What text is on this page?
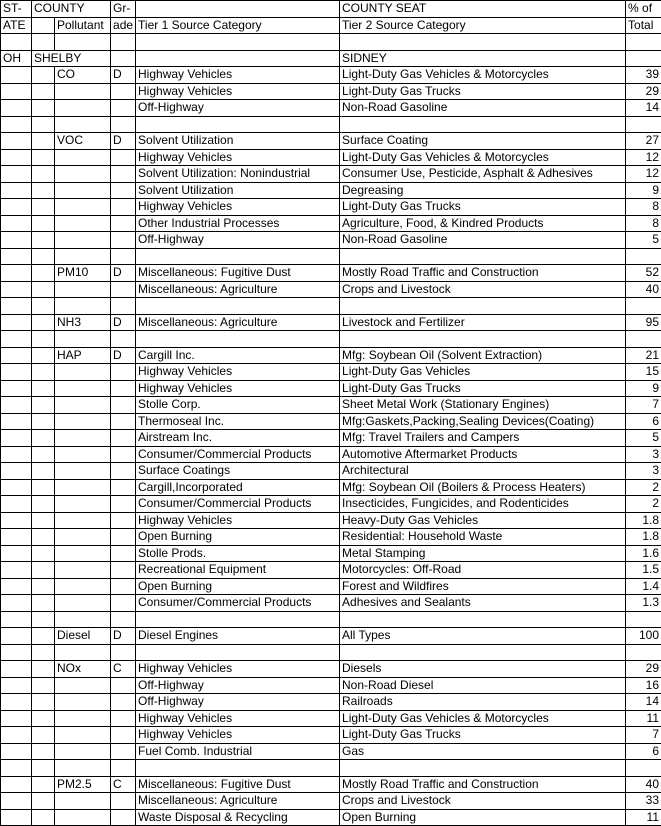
ST-	COUNTY		Gr-		COUNTY SEAT	% of
ATE		Pollutant	ade	Tier 1 Source Category	Tier 2 Source Category	Total

OH	SHELBY				SIDNEY	
		CO	D	Highway Vehicles	Light-Duty Gas Vehicles & Motorcycles	39
				Highway Vehicles	Light-Duty Gas Trucks	29
				Off-Highway	Non-Road Gasoline	14

		VOC	D	Solvent Utilization	Surface Coating	27
				Highway Vehicles	Light-Duty Gas Vehicles & Motorcycles	12
				Solvent Utilization: Nonindustrial	Consumer Use, Pesticide, Asphalt & Adhesives	12
				Solvent Utilization	Degreasing	9
				Highway Vehicles	Light-Duty Gas Trucks	8
				Other Industrial Processes	Agriculture, Food, & Kindred Products	8
				Off-Highway	Non-Road Gasoline	5

		PM10	D	Miscellaneous: Fugitive Dust	Mostly Road Traffic and Construction	52
				Miscellaneous: Agriculture	Crops and Livestock	40

		NH3	D	Miscellaneous: Agriculture	Livestock and Fertilizer	95

		HAP	D	Cargill Inc.	Mfg: Soybean Oil (Solvent Extraction)	21
				Highway Vehicles	Light-Duty Gas Vehicles	15
				Highway Vehicles	Light-Duty Gas Trucks	9
				Stolle Corp.	Sheet Metal Work (Stationary Engines)	7
				Thermoseal Inc.	Mfg:Gaskets,Packing,Sealing Devices(Coating)	6
				Airstream Inc.	Mfg: Travel Trailers and Campers	5
				Consumer/Commercial Products	Automotive Aftermarket Products	3
				Surface Coatings	Architectural	3
				Cargill,Incorporated	Mfg: Soybean Oil (Boilers & Process Heaters)	2
				Consumer/Commercial Products	Insecticides, Fungicides, and Rodenticides	2
				Highway Vehicles	Heavy-Duty Gas Vehicles	1.8
				Open Burning	Residential: Household Waste	1.8
				Stolle Prods.	Metal Stamping	1.6
				Recreational Equipment	Motorcycles: Off-Road	1.5
				Open Burning	Forest and Wildfires	1.4
				Consumer/Commercial Products	Adhesives and Sealants	1.3

		Diesel	D	Diesel Engines	All Types	100

		NOx	C	Highway Vehicles	Diesels	29
				Off-Highway	Non-Road Diesel	16
				Off-Highway	Railroads	14
				Highway Vehicles	Light-Duty Gas Vehicles & Motorcycles	11
				Highway Vehicles	Light-Duty Gas Trucks	7
				Fuel Comb. Industrial	Gas	6

		PM2.5	C	Miscellaneous: Fugitive Dust	Mostly Road Traffic and Construction	40
				Miscellaneous: Agriculture	Crops and Livestock	33
				Waste Disposal & Recycling	Open Burning	11
